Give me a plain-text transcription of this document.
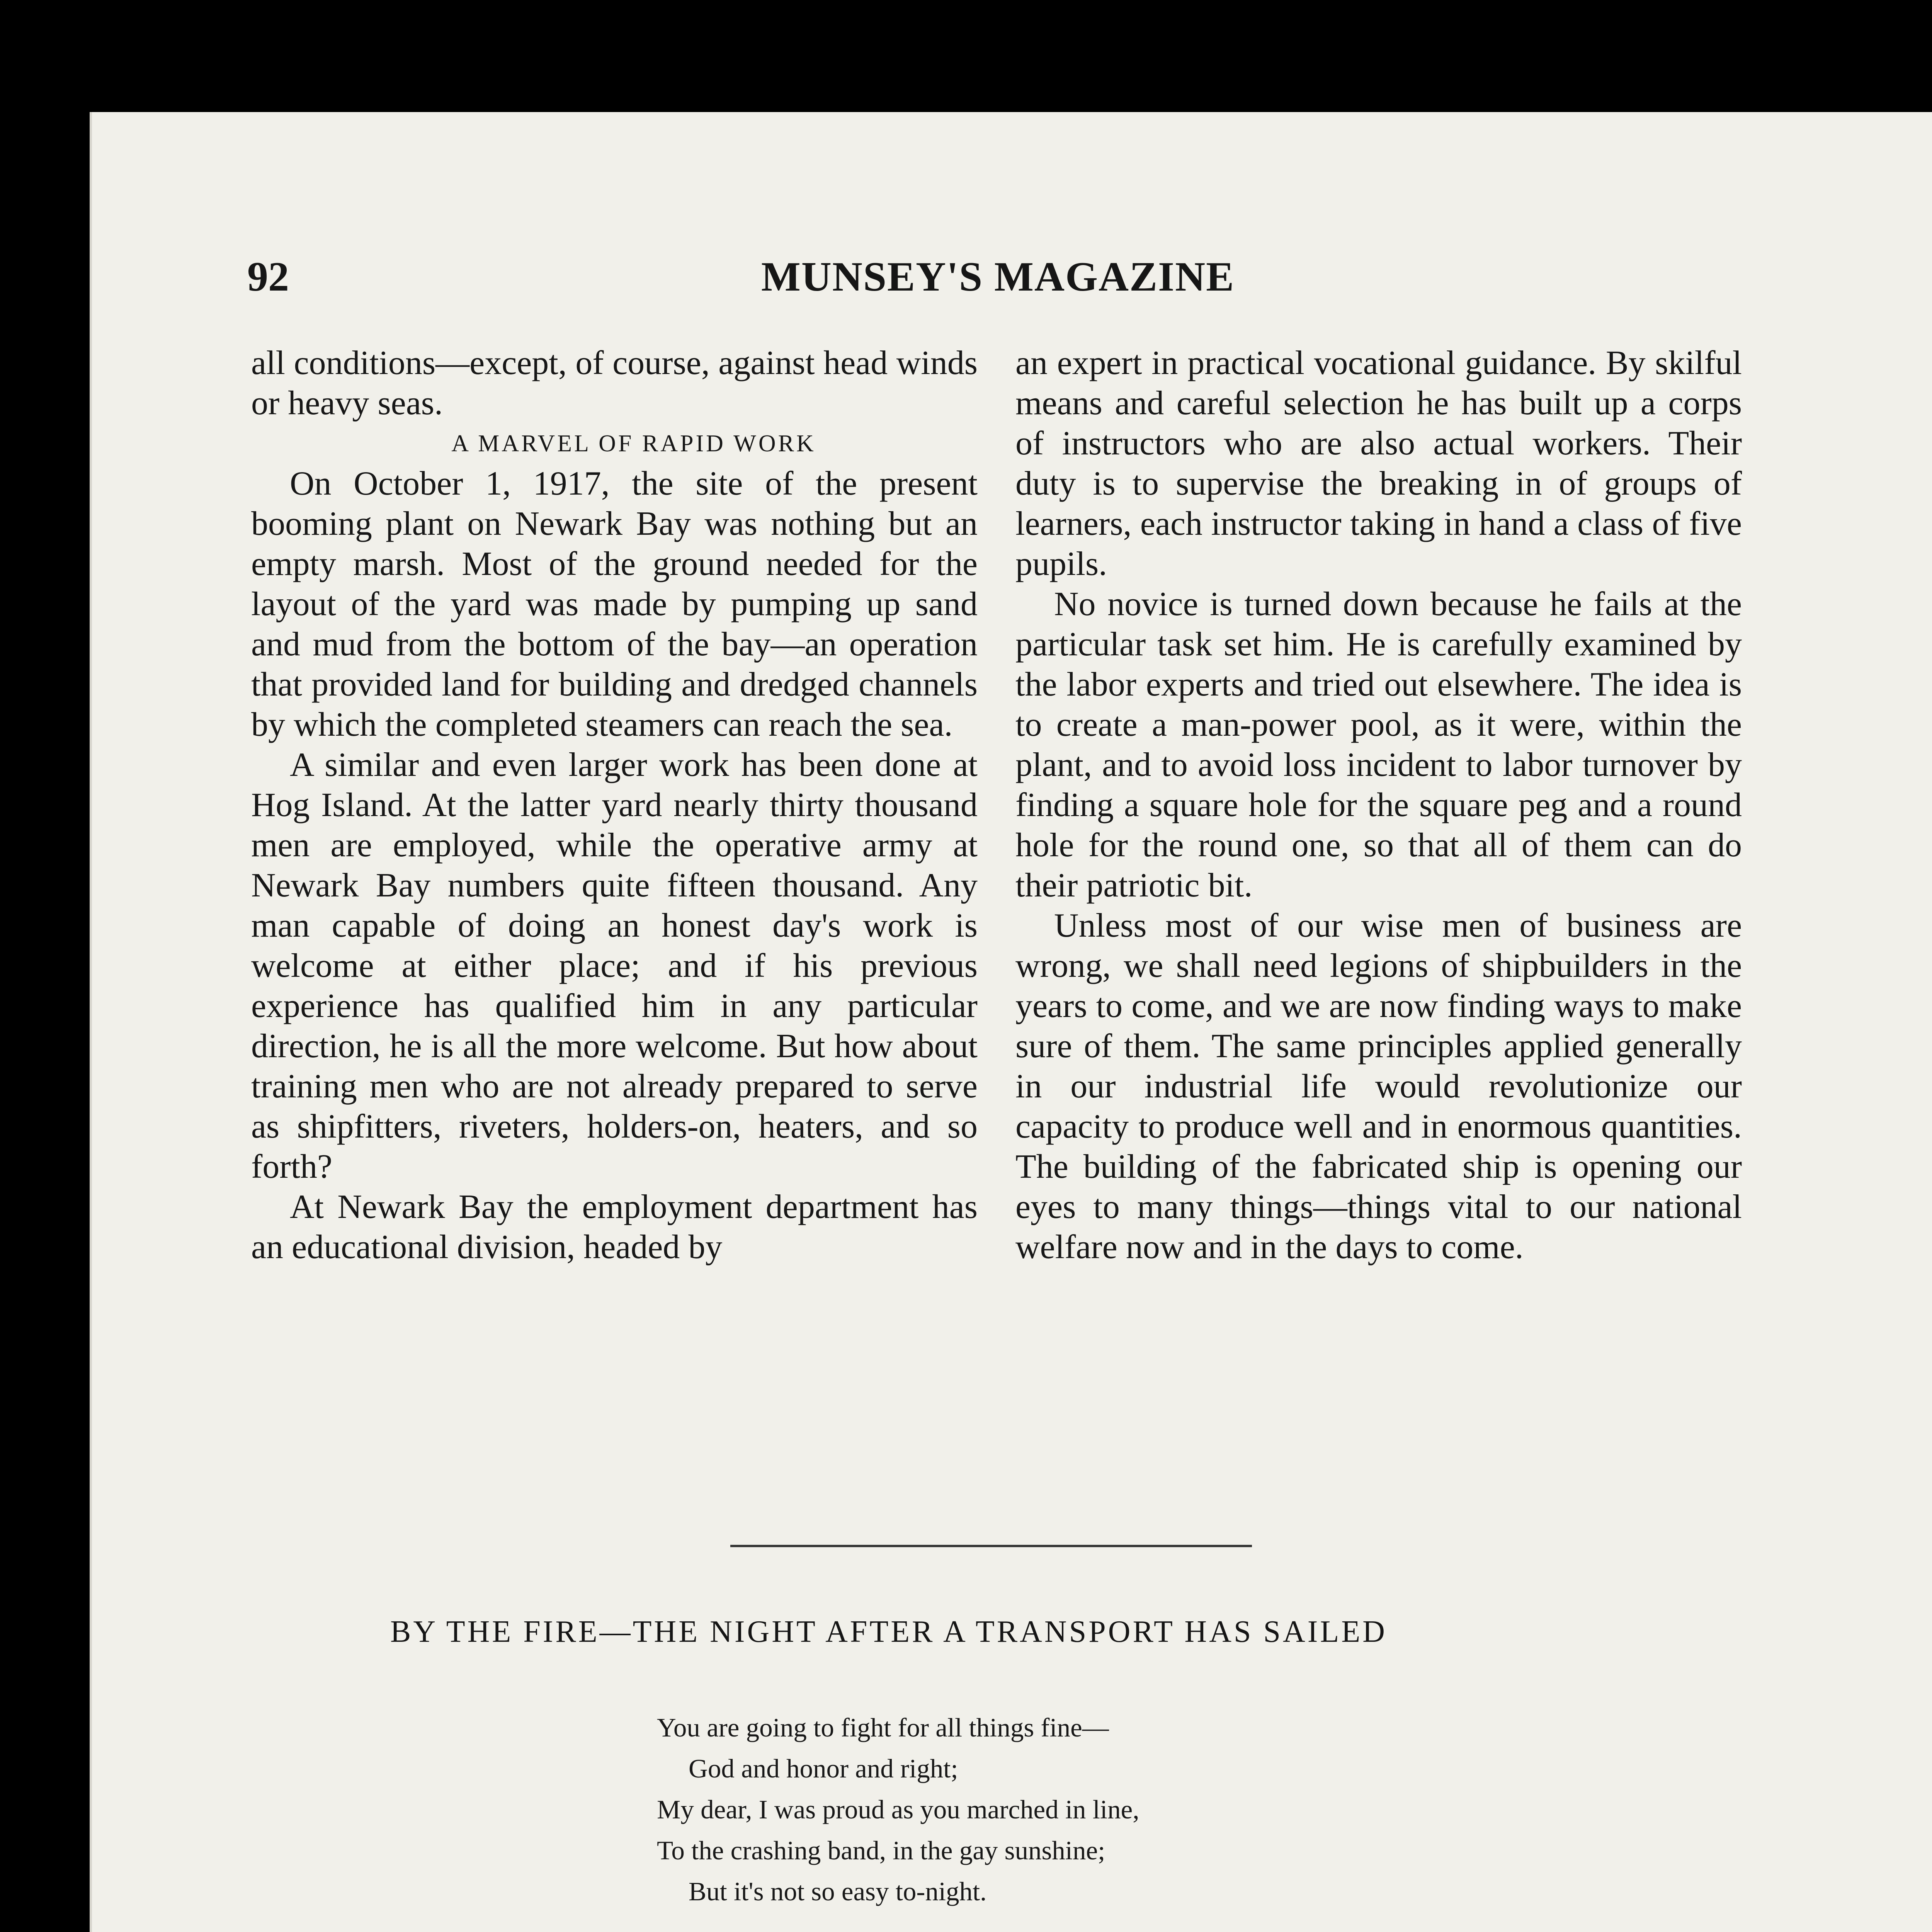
92	MUNSEY'S MAGAZINE

all conditions—except, of course, against head winds or heavy seas.

A MARVEL OF RAPID WORK

On October 1, 1917, the site of the present booming plant on Newark Bay was nothing but an empty marsh. Most of the ground needed for the layout of the yard was made by pumping up sand and mud from the bottom of the bay—an operation that provided land for building and dredged channels by which the completed steamers can reach the sea.

A similar and even larger work has been done at Hog Island. At the latter yard nearly thirty thousand men are employed, while the operative army at Newark Bay numbers quite fifteen thousand. Any man capable of doing an honest day's work is welcome at either place; and if his previous experience has qualified him in any particular direction, he is all the more welcome. But how about training men who are not already prepared to serve as shipfitters, riveters, holders-on, heaters, and so forth?

At Newark Bay the employment department has an educational division, headed by

an expert in practical vocational guidance. By skilful means and careful selection he has built up a corps of instructors who are also actual workers. Their duty is to supervise the breaking in of groups of learners, each instructor taking in hand a class of five pupils.

No novice is turned down because he fails at the particular task set him. He is carefully examined by the labor experts and tried out elsewhere. The idea is to create a man-power pool, as it were, within the plant, and to avoid loss incident to labor turnover by finding a square hole for the square peg and a round hole for the round one, so that all of them can do their patriotic bit.

Unless most of our wise men of business are wrong, we shall need legions of shipbuilders in the years to come, and we are now finding ways to make sure of them. The same principles applied generally in our industrial life would revolutionize our capacity to produce well and in enormous quantities. The building of the fabricated ship is opening our eyes to many things—things vital to our national welfare now and in the days to come.

BY THE FIRE—THE NIGHT AFTER A TRANSPORT HAS SAILED
You are going to fight for all things fine—
God and honor and right;
My dear, I was proud as you marched in line,
To the crashing band, in the gay sunshine;
But it's not so easy to-night.
